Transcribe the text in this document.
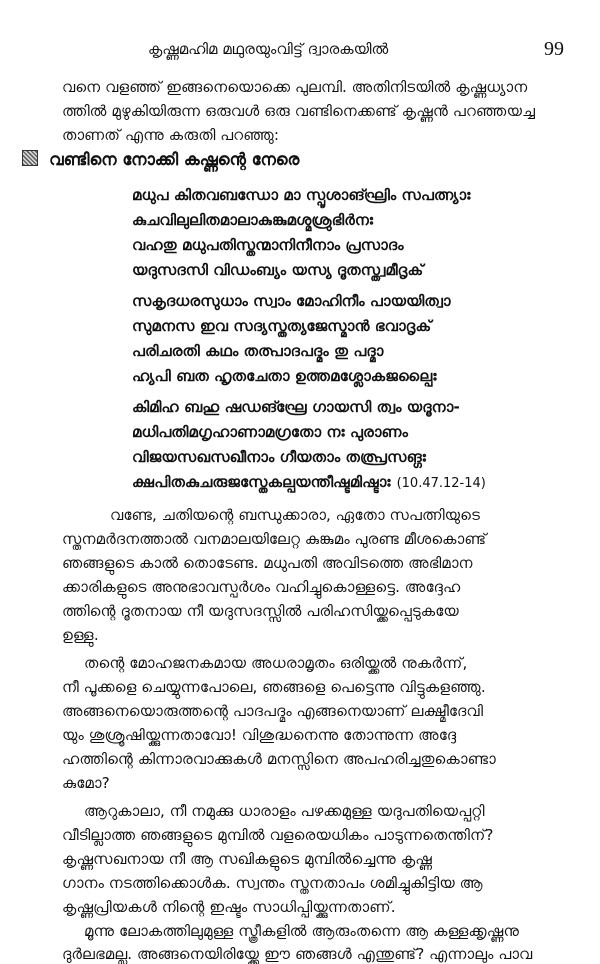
കൃഷ്ണമഹിമ മഥുരയുംവിട്ട് ദ്വാരകയിൽ	99
വനെ വളഞ്ഞ് ഇങ്ങനെയൊക്കെ പുലമ്പി. അതിനിടയിൽ കൃഷ്ണധ്യാന
ത്തിൽ മുഴുകിയിരുന്ന ഒരുവൾ ഒരു വണ്ടിനെക്കണ്ട് കൃഷ്ണൻ പറഞ്ഞയച്ച
താണത് എന്നു കരുതി പറഞ്ഞു:
വണ്ടിനെ നോക്കി കഷ്ണന്റെ നേരെ
മധുപ കിതവബന്ധോ മാ സ്പൃശാങ്ഘ്രിം സപത്ന്യാഃ
കുചവിലുലിതമാലാകുങ്കുമശ്മശ്രുഭിർനഃ
വഹതു മധുപതിസ്തന്മാനിനീനാം പ്രസാദം
യദുസദസി വിഡംബ്യം യസ്യ ദൂതസ്ത്വമീദൃക്
സകൃദധരസുധാം സ്വാം മോഹിനീം പായയിത്വാ
സുമനസ ഇവ സദ്യസ്തത്യജേ‌സ്മാൻ ഭവാദൃക്
പരിചരതി കഥം തത്പാദപദ്മം തു പദ്മാ
ഹ്യപി ബത ഹൃതചേതാ ഉത്തമശ്ലോകജല്പൈഃ
കിമിഹ ബഹു ഷഡങ്ഘ്രേ ഗായസി ത്വം യദൂനാ-
മധിപതിമഗൃഹാണാമഗ്രതോ നഃ പുരാണം
വിജയസഖസഖീനാം ഗീയതാം തത്പ്രസങ്ഗഃ
ക്ഷപിതകുചരുജസ്തേകല്പയന്തീഷ്ടമിഷ്ടാഃ (10.47.12-14)
വണ്ടേ, ചതിയന്റെ ബന്ധുക്കാരാ, ഏതോ സപത്നിയുടെ
സ്തനമർദനത്താൽ വനമാലയിലേറ്റ കുങ്കുമം പുരണ്ട മീശകൊണ്ട്
ഞങ്ങളുടെ കാൽ തൊടേണ്ട. മധുപതി അവിടത്തെ അഭിമാന
ക്കാരികളുടെ അനുഭാവസ്പർശം വഹിച്ചുകൊള്ളട്ടെ. അദ്ദേഹ
ത്തിന്റെ ദൂതനായ നീ യദുസദസ്സിൽ പരിഹസിയ്ക്കപ്പെടുകയേ
ഉള്ളു.
തന്റെ മോഹജനകമായ അധരാമൃതം ഒരിയ്ക്കൽ നുകർന്ന്,
നീ പൂക്കളെ ചെയ്യുന്നപോലെ, ഞങ്ങളെ പെട്ടെന്നു വിട്ടുകളഞ്ഞു.
അങ്ങനെയൊരുത്തന്റെ പാദപദ്മം എങ്ങനെയാണ് ലക്ഷ്മീദേവി
യും ശുശ്രൂഷിയ്ക്കുന്നതാവോ! വിശുദ്ധനെന്നു തോന്നുന്ന അദ്ദേ
ഹത്തിന്റെ കിന്നാരവാക്കുകൾ മനസ്സിനെ അപഹരിച്ചതുകൊണ്ടാ
കുമോ?
ആറുകാലാ, നീ നമുക്കു ധാരാളം പഴക്കമുള്ള യദുപതിയെപ്പറ്റി
വീടില്ലാത്ത ഞങ്ങളുടെ മുമ്പിൽ വളരെയധികം പാടുന്നതെന്തിന്?
കൃഷ്ണസഖനായ നീ ആ സഖികളുടെ മുമ്പിൽച്ചെന്നു കൃഷ്ണ
ഗാനം നടത്തിക്കൊൾക. സ്വന്തം സ്തനതാപം ശമിച്ചുകിട്ടിയ ആ
കൃഷ്ണപ്രിയകൾ നിന്റെ ഇഷ്ടം സാധിപ്പിയ്ക്കുന്നതാണ്.
മൂന്നു ലോകത്തിലുമുള്ള സ്ത്രീകളിൽ ആരുംതന്നെ ആ കള്ളക്കൃഷ്ണനു
ദുർലഭമല്ല. അങ്ങനെയിരിയ്ക്കേ ഈ ഞങ്ങൾ എന്തുണ്ട്? എന്നാലും പാവ
